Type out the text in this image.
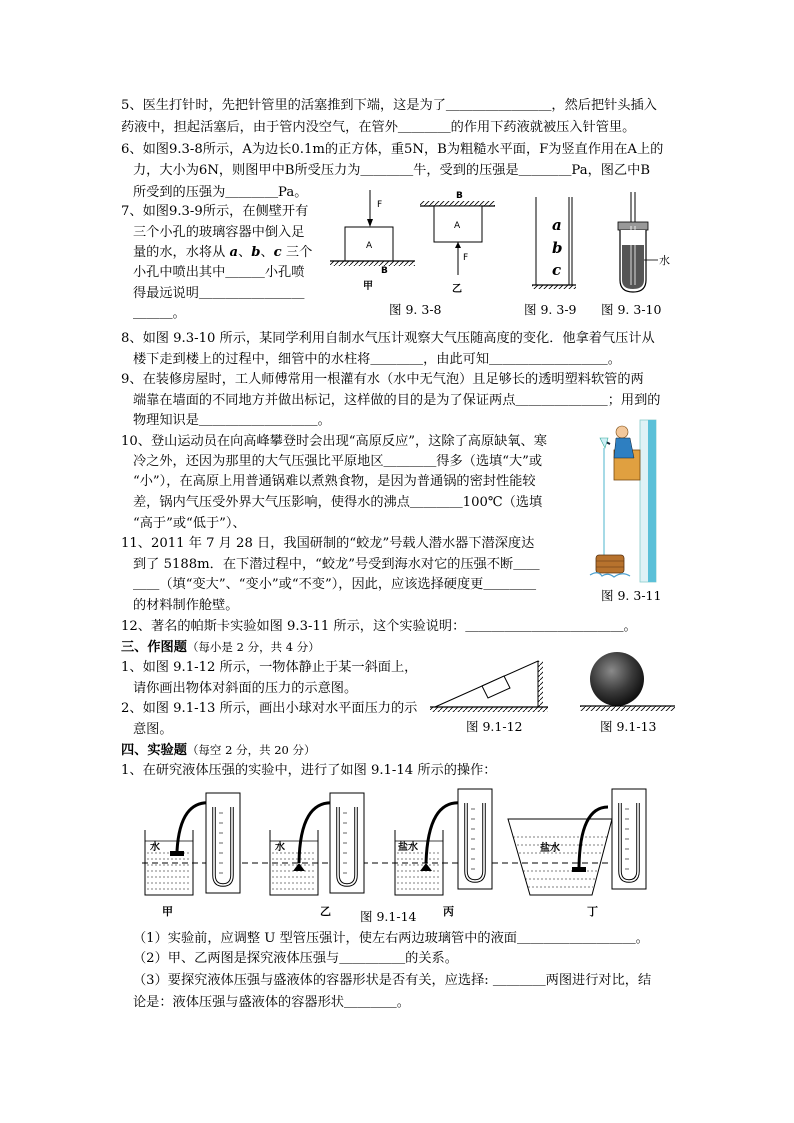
5、医生打针时，先把针管里的活塞推到下端，这是为了＿＿＿＿＿＿＿＿，然后把针头插入
药液中，担起活塞后，由于管内没空气，在管外＿＿＿＿的作用下药液就被压入针管里。
6、如图9.3-8所示，A为边长0.1m的正方体，重5N，B为粗糙水平面，F为竖直作用在A上的
力，大小为6N，则图甲中B所受压力为＿＿＿＿牛，受到的压强是＿＿＿＿Pa，图乙中B
所受到的压强为＿＿＿＿Pa。
7、如图9.3-9所示，在侧壁开有
三个小孔的玻璃容器中倒入足
量的水，水将从 a、b、c 三个
小孔中喷出其中＿＿＿小孔喷
得最远说明＿＿＿＿＿＿＿＿
＿＿＿。
F
A
B
甲
B
A
F
乙
图 9. 3-8
a
b
c
图 9. 3-9
水
图 9. 3-10
8、如图 9.3-10 所示，某同学利用自制水气压计观察大气压随高度的变化．他拿着气压计从
楼下走到楼上的过程中，细管中的水柱将＿＿＿＿，由此可知＿＿＿＿＿＿＿＿＿。
9、在装修房屋时，工人师傅常用一根灌有水（水中无气泡）且足够长的透明塑料软管的两
端靠在墙面的不同地方并做出标记，这样做的目的是为了保证两点＿＿＿＿＿＿＿；用到的
物理知识是＿＿＿＿＿＿＿＿＿。
10、登山运动员在向高峰攀登时会出现“高原反应”，这除了高原缺氧、寒
冷之外，还因为那里的大气压强比平原地区＿＿＿＿得多（选填“大”或
“小”），在高原上用普通锅难以煮熟食物，是因为普通锅的密封性能较
差，锅内气压受外界大气压影响，使得水的沸点＿＿＿＿100℃（选填
“高于”或“低于”）、
11、2011 年 7 月 28 日，我国研制的“蛟龙”号载人潜水器下潜深度达
到了 5188m．在下潜过程中，“蛟龙”号受到海水对它的压强不断＿＿
＿＿（填“变大”、“变小”或“不变”），因此，应该选择硬度更＿＿＿＿
的材料制作舱壁。
图 9. 3-11
12、著名的帕斯卡实验如图 9.3-11 所示，这个实验说明：＿＿＿＿＿＿＿＿＿＿＿＿。
三、作图题（每小是 2 分，共 4 分）
1、如图 9.1-12 所示，一物体静止于某一斜面上，
请你画出物体对斜面的压力的示意图。
2、如图 9.1-13 所示，画出小球对水平面压力的示
意图。	图 9.1-12	图 9.1-13
四、实验题（每空 2 分，共 20 分）
1、在研究液体压强的实验中，进行了如图 9.1-14 所示的操作：
水	水	盐水	盐水
甲	乙	丙	丁
图 9.1-14
（1）实验前，应调整 U 型管压强计，使左右两边玻璃管中的液面＿＿＿＿＿＿＿＿＿。
（2）甲、乙两图是探究液体压强与＿＿＿＿＿的关系。
（3）要探究液体压强与盛液体的容器形状是否有关，应选择: ＿＿＿＿两图进行对比，结
论是：液体压强与盛液体的容器形状＿＿＿＿。
